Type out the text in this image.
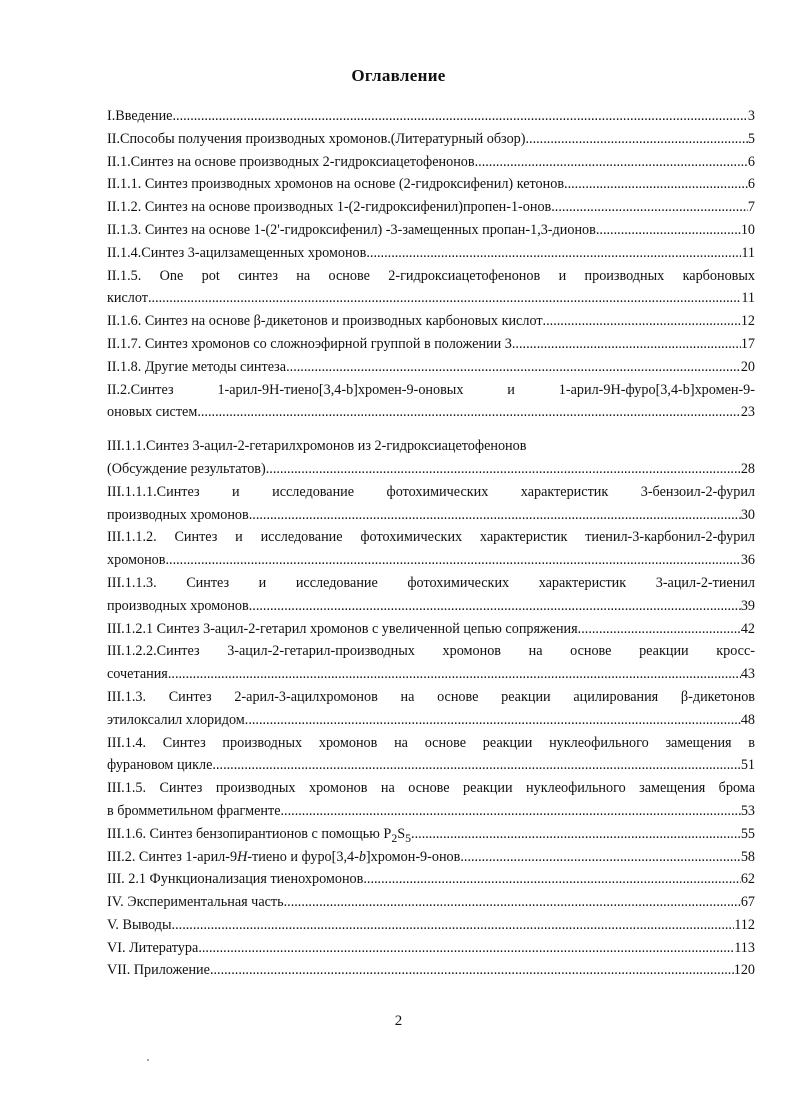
Оглавление
I.Введение .....	3
II.Способы получения производных хромонов.(Литературный обзор) .....	5
II.1.Синтез на основе производных 2-гидроксиацетофенонов .....	6
II.1.1. Синтез производных хромонов на основе (2-гидроксифенил) кетонов .....	6
II.1.2. Синтез на основе производных 1-(2-гидроксифенил)пропен-1-онов .....	7
II.1.3. Синтез на основе 1-(2'-гидроксифенил) -3-замещенных пропан-1,3-дионов .....	10
II.1.4.Синтез 3-ацилзамещенных хромонов .....	11
II.1.5. One pot синтез на основе 2-гидроксиацетофенонов и производных карбоновых
кислот .....	11
II.1.6. Синтез на основе β-дикетонов и производных карбоновых кислот .....	12
II.1.7. Синтез хромонов со сложноэфирной группой в положении 3 .....	17
II.1.8. Другие методы синтеза .....	20
II.2.Синтез 1-арил-9Н-тиено[3,4-b]хромен-9-оновых и 1-арил-9Н-фуро[3,4-b]хромен-9-
оновых систем .....	23
III.1.1.Синтез 3-ацил-2-гетарилхромонов из 2-гидроксиацетофенонов
(Обсуждение результатов) .....	28
III.1.1.1.Синтез и исследование фотохимических характеристик 3-бензоил-2-фурил
производных хромонов .....	30
III.1.1.2. Синтез и исследование фотохимических характеристик тиенил-3-карбонил-2-фурил
хромонов .....	36
III.1.1.3. Синтез и исследование фотохимических характеристик 3-ацил-2-тиенил
производных хромонов .....	39
III.1.2.1 Синтез 3-ацил-2-гетарил хромонов с увеличенной цепью сопряжения .....	42
III.1.2.2.Синтез 3-ацил-2-гетарил-производных хромонов на основе реакции кросс-
сочетания .....	43
III.1.3. Синтез 2-арил-3-ацилхромонов на основе реакции ацилирования β-дикетонов
этилоксалил хлоридом .....	48
III.1.4. Синтез производных хромонов на основе реакции нуклеофильного замещения в
фурановом цикле .....	51
III.1.5. Синтез производных хромонов на основе реакции нуклеофильного замещения брома
в бромметильном фрагменте .....	53
III.1.6. Синтез бензопирантионов с помощью $P_2S_5$ .....	55
III.2. Синтез 1-арил-9H-тиено и фуро[3,4-b]хромон-9-онов .....	58
III. 2.1 Функционализация тиенохромонов .....	62
IV. Экспериментальная часть .....	67
V. Выводы .....	112
VI. Литература .....	113
VII. Приложение .....	120
2
